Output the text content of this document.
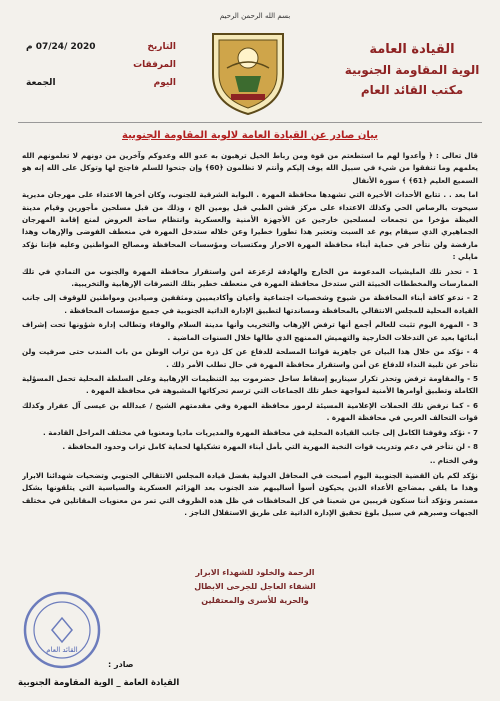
بسم الله الرحمن الرحيم
القيادة العامة
الوية المقاومة الجنوبية
مكتب القائد العام
التاريخ
2020 /07/24 م
المرفقات
اليوم
الجمعة
بيان صادر عن القيادة العامة لالوية المقاومة الجنوبية

قال تعالى : ﴿ وأعدوا لهم ما استطعتم من قوة ومن رباط الخيل ترهبون به عدو الله وعدوكم وآخرين من دونهم لا تعلمونهم الله يعلمهم وما تنفقوا من شيء في سبيل الله يوف إليكم وأنتم لا تظلمون ﴿60﴾ وإن جنحوا للسلم فاجنح لها وتوكل على الله إنه هو السميع العليم ﴿61﴾ ﴾ سورة الأنفال

اما بعد . . تتابع الأحداث الأخيرة التي تشهدها محافظة المهرة . البوابة الشرقية للجنوب، وكان أخرها الاعتداء على مهرجان مديرية سيحوت بالرصاص الحي وكذلك الاعتداء على مركز قشن الطبي قبل يومين الخ ، وذلك من قبل مسلحين مأجورين وقيام مدينة الغيظة مؤخرا من تجمعات لمسلحين خارجين عن الأجهزة الأمنية والعسكرية وانتظام ساحة العروض لمنع إقامة المهرجان الجماهيري الذي سيقام يوم غد السبت وتعتبر هذا تطورا خطيرا وعن خلاله ستدخل المهرة في منعطف الفوضى والإرهاب وهذا مارفضة ولن نتأخر في حماية أبناء محافظة المهرة الاحرار ومكتسبات ومؤسسات المحافظة ومصالح المواطنين وعليه فإننا نؤكد مايلي :

1 - تحذر تلك المليشيات المدعومة من الخارج والهادفة لزعزعة امن واستقرار محافظة المهرة والجنوب من التمادي في تلك الممارسات والمخططات الخبيثة التي ستدخل محافظة المهرة في منعطف خطير بتلك التصرفات الإرهابية والتخريبية.

2 - ندعو كافة أبناء المحافظة من شيوخ وشخصيات اجتماعية وأعيان وأكاديميين ومثقفين وصيادين ومواطنين للوقوف إلى جانب القيادة المحلية للمجلس الانتقالي بالمحافظة ومساندتها لتطبيق الإدارة الذاتية الجنوبية في جميع مؤسسات المحافظة .

3 - المهرة اليوم تثبت للعالم أجمع أنها ترفض الإرهاب والتخريب وأنها مدينة السلام والوفاء وتطالب إدارة شؤونها تحت إشراف أبنائها بعيد عن التدخلات الخارجية والتهميش الممنهج الذي طالها خلال السنوات الماضية .

4 - نؤكد من خلال هذا البيان عن جاهزية قواتنا المسلحة للدفاع عن كل ذرة من تراب الوطن من باب المندب حتى صرفيت ولن نتأخر عن تلبية النداء للدفاع عن أمن واستقرار محافظة المهرة في حال تطلب الأمر ذلك .

5 - والمقاومة ترفض وتحذر تكرار سيناريو إسقاط ساحل حضرموت بيد التنظيمات الإرهابية وعلى السلطة المحلية تحمل المسؤلية الكاملة وتطبيق أوامرها الأمنية لمواجهة خطر تلك الجماعات التي ترسم تحركاتها المشبوهة في محافظة المهرة .

6 - كما نرفض تلك الحملات الإعلامية المسيئة لرموز محافظة المهرة وفي مقدمتهم الشيخ / عبدالله بن عيسى آل عفرار وكذلك قوات التحالف العربي في محافظة المهرة .

7 - نؤكد وقوفنا الكامل إلى جانب القيادة المحلية في محافظة المهرة والمديريات ماديا ومعنويا في مختلف المراحل القادمة .

8 - لن نتأخر في دعم وتدريب قوات النخبة المهرية التي بأمل أبناء المهرة تشكيلها لحماية كامل تراب وحدود المحافظة .

وفي الختام ..

نؤكد لكم بان القضية الجنوبية اليوم أصبحت في المحافل الدولية بفضل قيادة المجلس الانتقالي الجنوبي وتضحيات شهدائنا الابرار وهذا ما يلقي بمضاجع الأعداء الذين يحيكون أسوأ أساليبهم ضد الجنوب بعد الهزائم العسكرية والسياسية التي يتلقونها بشكل مستمر وتؤكد أننا سنكون قريبين من شعبنا في كل المحافظات في ظل هذه الظروف التي تمر من معنويات المقاتلين في مختلف الجبهات وصبرهم في سبيل بلوغ تحقيق الإدارة الذاتية على طريق الاستقلال الناجز .

الرحمة والخلود للشهداء الابرار
الشفاء العاجل للجرحى الابطال
والحرية للأسرى والمعتقلين
القائد العام
صادر :
القيادة العامة _ الوية المقاومة الجنوبية
